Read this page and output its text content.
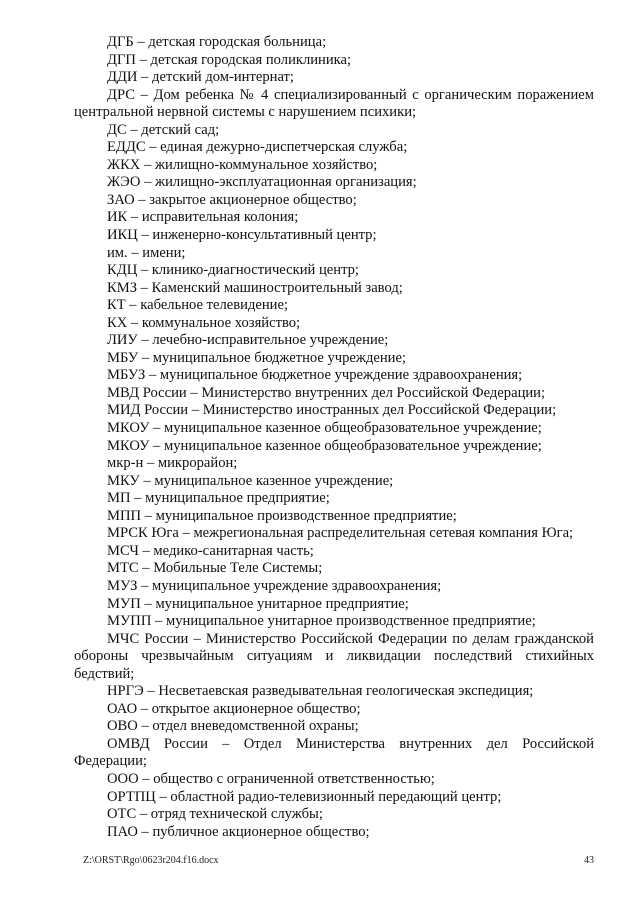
ДГБ – детская городская больница;

ДГП – детская городская поликлиника;

ДДИ – детский дом-интернат;

ДРС – Дом ребенка № 4 специализированный с органическим поражением центральной нервной системы с нарушением психики;

ДС – детский сад;

ЕДДС – единая дежурно-диспетчерская служба;

ЖКХ – жилищно-коммунальное хозяйство;

ЖЭО – жилищно-эксплуатационная организация;

ЗАО – закрытое акционерное общество;

ИК – исправительная колония;

ИКЦ – инженерно-консультативный центр;

им. – имени;

КДЦ – клинико-диагностический центр;

КМЗ – Каменский машиностроительный завод;

КТ – кабельное телевидение;

КХ – коммунальное хозяйство;

ЛИУ – лечебно-исправительное учреждение;

МБУ – муниципальное бюджетное учреждение;

МБУЗ – муниципальное бюджетное учреждение здравоохранения;

МВД России – Министерство внутренних дел Российской Федерации;

МИД России – Министерство иностранных дел Российской Федерации;

МКОУ – муниципальное казенное общеобразовательное учреждение;

МКОУ – муниципальное казенное общеобразовательное учреждение;

мкр-н – микрорайон;

МКУ – муниципальное казенное учреждение;

МП – муниципальное предприятие;

МПП – муниципальное производственное предприятие;

МРСК Юга – межрегиональная распределительная сетевая компания Юга;

МСЧ – медико-санитарная часть;

МТС – Мобильные Теле Системы;

МУЗ – муниципальное учреждение здравоохранения;

МУП – муниципальное унитарное предприятие;

МУПП – муниципальное унитарное производственное предприятие;

МЧС России – Министерство Российской Федерации по делам гражданской обороны чрезвычайным ситуациям и ликвидации последствий стихийных бедствий;

НРГЭ – Несветаевская разведывательная геологическая экспедиция;

ОАО – открытое акционерное общество;

ОВО – отдел вневедомственной охраны;

ОМВД России – Отдел Министерства внутренних дел Российской Федерации;

ООО – общество с ограниченной ответственностью;

ОРТПЦ – областной радио-телевизионный передающий центр;

ОТС – отряд технической службы;

ПАО – публичное акционерное общество;

Z:\ORST\Rgo\0623r204.f16.docx	43
